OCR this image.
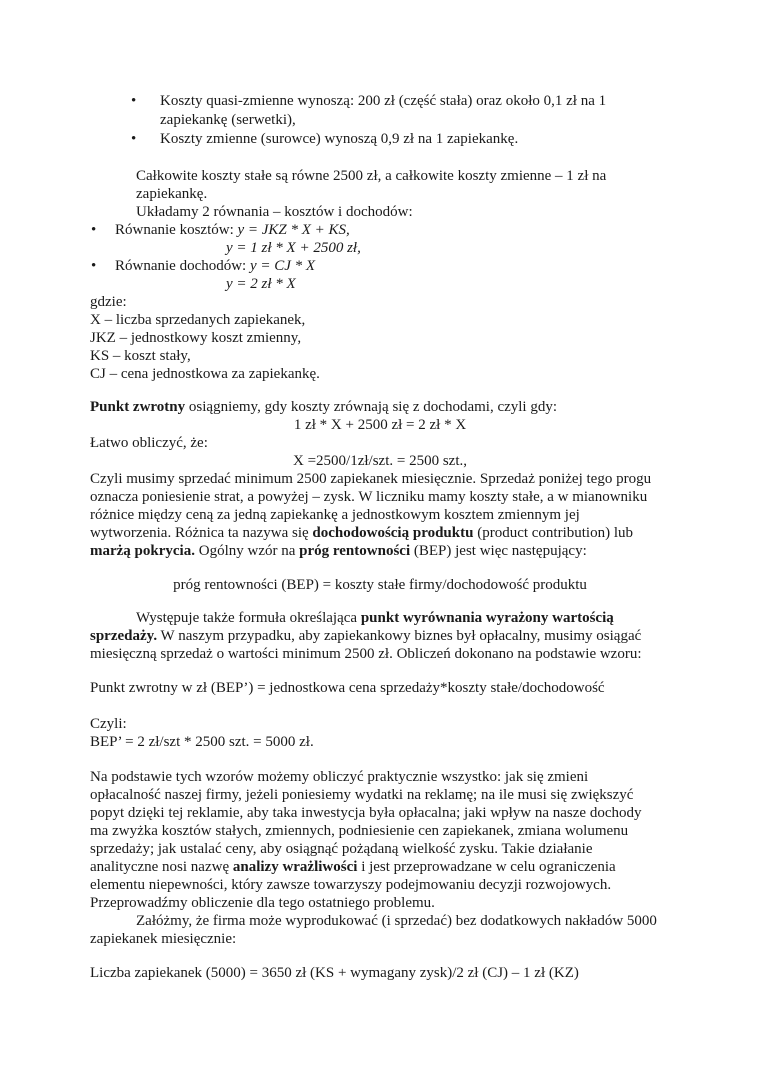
• Koszty quasi-zmienne wynoszą: 200 zł (część stała) oraz około 0,1 zł na 1
zapiekankę (serwetki),
• Koszty zmienne (surowce) wynoszą 0,9 zł na 1 zapiekankę.
Całkowite koszty stałe są równe 2500 zł, a całkowite koszty zmienne – 1 zł na
zapiekankę.
Układamy 2 równania – kosztów i dochodów:
• Równanie kosztów: y = JKZ * X + KS,
y = 1 zł * X + 2500 zł,
• Równanie dochodów: y = CJ * X
y = 2 zł * X
gdzie:
X – liczba sprzedanych zapiekanek,
JKZ – jednostkowy koszt zmienny,
KS – koszt stały,
CJ – cena jednostkowa za zapiekankę.
Punkt zwrotny osiągniemy, gdy koszty zrównają się z dochodami, czyli gdy:
1 zł * X + 2500 zł = 2 zł * X
Łatwo obliczyć, że:
X =2500/1zł/szt. = 2500 szt.,
Czyli musimy sprzedać minimum 2500 zapiekanek miesięcznie. Sprzedaż poniżej tego progu
oznacza poniesienie strat, a powyżej – zysk. W liczniku mamy koszty stałe, a w mianowniku
różnice między ceną za jedną zapiekankę a jednostkowym kosztem zmiennym jej
wytworzenia. Różnica ta nazywa się dochodowością produktu (product contribution) lub
marżą pokrycia. Ogólny wzór na próg rentowności (BEP) jest więc następujący:
próg rentowności (BEP) = koszty stałe firmy/dochodowość produktu
Występuje także formuła określająca punkt wyrównania wyrażony wartością
sprzedaży. W naszym przypadku, aby zapiekankowy biznes był opłacalny, musimy osiągać
miesięczną sprzedaż o wartości minimum 2500 zł. Obliczeń dokonano na podstawie wzoru:
Punkt zwrotny w zł (BEP’) = jednostkowa cena sprzedaży*koszty stałe/dochodowość
Czyli:
BEP’ = 2 zł/szt * 2500 szt. = 5000 zł.
Na podstawie tych wzorów możemy obliczyć praktycznie wszystko: jak się zmieni
opłacalność naszej firmy, jeżeli poniesiemy wydatki na reklamę; na ile musi się zwiększyć
popyt dzięki tej reklamie, aby taka inwestycja była opłacalna; jaki wpływ na nasze dochody
ma zwyżka kosztów stałych, zmiennych, podniesienie cen zapiekanek, zmiana wolumenu
sprzedaży; jak ustalać ceny, aby osiągnąć pożądaną wielkość zysku. Takie działanie
analityczne nosi nazwę analizy wrażliwości i jest przeprowadzane w celu ograniczenia
elementu niepewności, który zawsze towarzyszy podejmowaniu decyzji rozwojowych.
Przeprowadźmy obliczenie dla tego ostatniego problemu.
Załóżmy, że firma może wyprodukować (i sprzedać) bez dodatkowych nakładów 5000
zapiekanek miesięcznie:
Liczba zapiekanek (5000) = 3650 zł (KS + wymagany zysk)/2 zł (CJ) – 1 zł (KZ)
